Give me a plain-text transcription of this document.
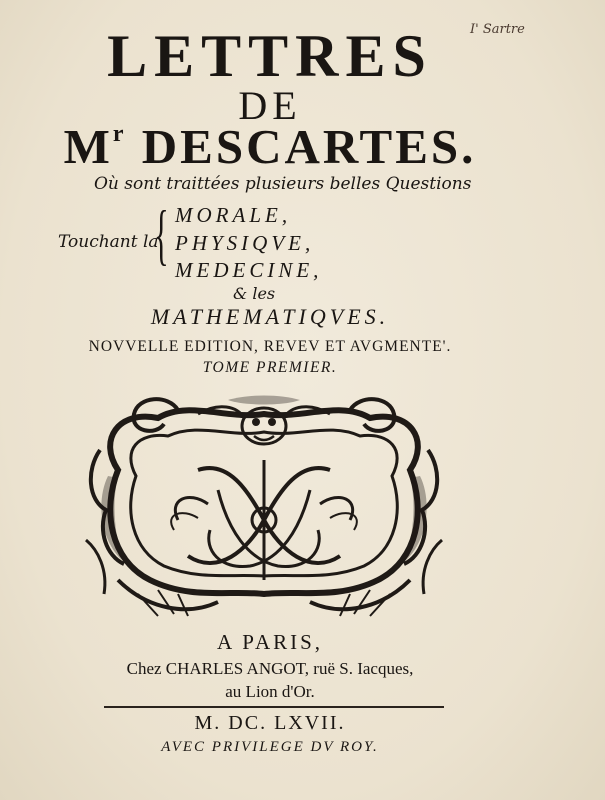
I' Sartre
LETTRES
DE
$M^r$ DESCARTES.
Où sont traittées plusieurs belles Questions
Touchant la
{ MORALE,
PHYSIQVE,
MEDECINE,
& les
MATHEMATIQVES.
NOVVELLE EDITION, REVEV ET AVGMENTE'.
TOME PREMIER.
A PARIS,
Chez CHARLES ANGOT, ruë S. Iacques,
au Lion d'Or.
M. DC. LXVII.
AVEC PRIVILEGE DV ROY.
